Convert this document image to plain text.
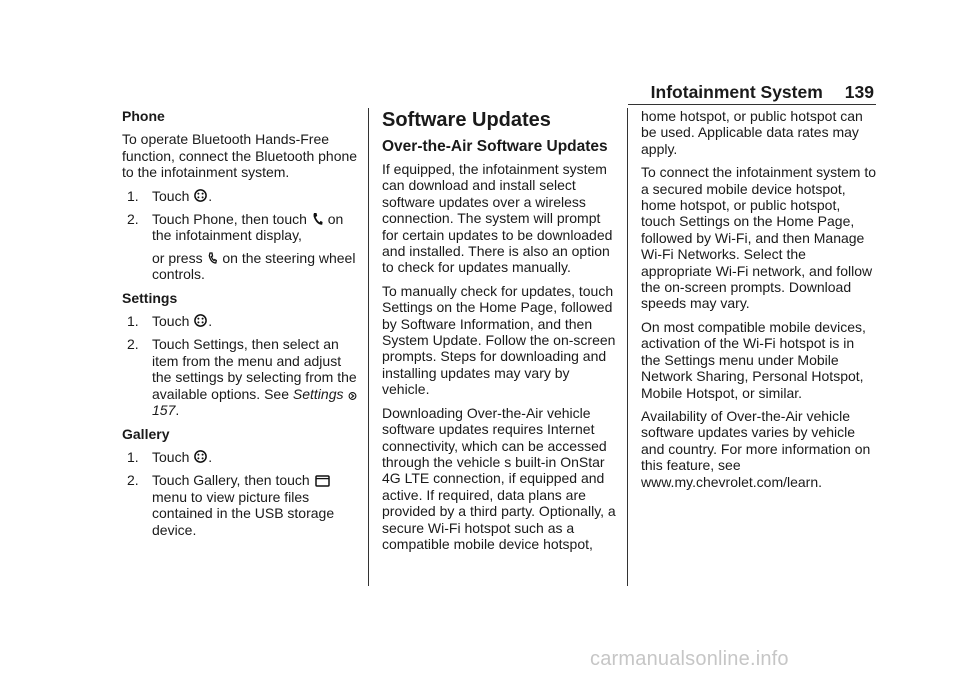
Infotainment System 139
Phone

To operate Bluetooth Hands-Free function, connect the Bluetooth phone to the infotainment system.

1. Touch .
2. Touch Phone, then touch on the infotainment display,
or press on the steering wheel controls.
Settings
1. Touch .
2. Touch Settings, then select an item from the menu and adjust the settings by selecting from the available options. See Settings 157.
Gallery
1. Touch .
2. Touch Gallery, then touch  menu to view picture files contained in the USB storage device.
Software Updates
Over-the-Air Software Updates

If equipped, the infotainment system can download and install select software updates over a wireless connection. The system will prompt for certain updates to be downloaded and installed. There is also an option to check for updates manually.

To manually check for updates, touch Settings on the Home Page, followed by Software Information, and then System Update. Follow the on-screen prompts. Steps for downloading and installing updates may vary by vehicle.

Downloading Over-the-Air vehicle software updates requires Internet connectivity, which can be accessed through the vehicle s built-in OnStar 4G LTE connection, if equipped and active. If required, data plans are provided by a third party. Optionally, a secure Wi-Fi hotspot such as a compatible mobile device hotspot,

home hotspot, or public hotspot can be used. Applicable data rates may apply.

To connect the infotainment system to a secured mobile device hotspot, home hotspot, or public hotspot, touch Settings on the Home Page, followed by Wi-Fi, and then Manage Wi-Fi Networks. Select the appropriate Wi-Fi network, and follow the on-screen prompts. Download speeds may vary.

On most compatible mobile devices, activation of the Wi-Fi hotspot is in the Settings menu under Mobile Network Sharing, Personal Hotspot, Mobile Hotspot, or similar.

Availability of Over-the-Air vehicle software updates varies by vehicle and country. For more information on this feature, see www.my.chevrolet.com/learn.

carmanualsonline.info
